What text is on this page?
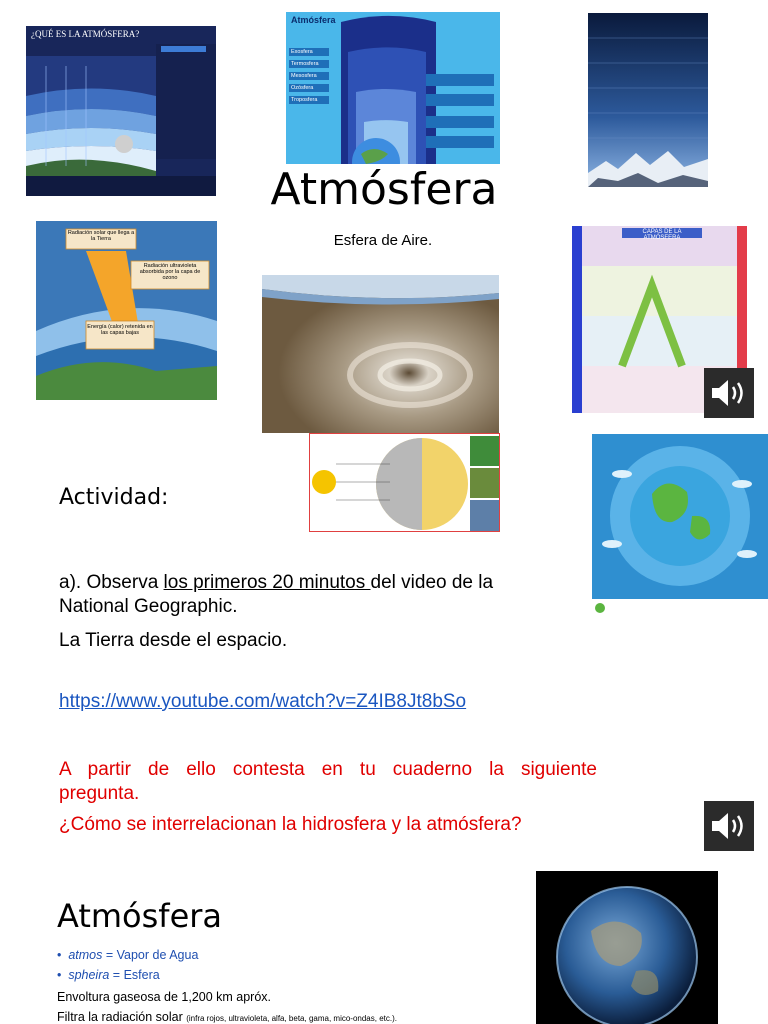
¿QUÉ ES LA ATMÓSFERA?
Atmósfera
Exosfera
Termosfera
Mesosfera
Ozósfera
Troposfera
Atmósfera
Esfera de Aire.
Radiación solar que llega a la Tierra
Radiación ultravioleta absorbida por la capa de ozono
Energía (calor) retenida en las capas bajas
CAPAS DE LA ATMÓSFERA
Actividad:
a). Observa los primeros 20 minutos del video de la National Geographic.
La Tierra desde el espacio.
https://www.youtube.com/watch?v=Z4IB8Jt8bSo
A partir de ello contesta en tu cuaderno la siguiente
pregunta.
¿Cómo se interrelacionan la hidrosfera y la atmósfera?
Atmósfera
•  atmos = Vapor de Agua
•  spheira = Esfera
Envoltura gaseosa de 1,200 km apróx.
Filtra la radiación solar (infra rojos, ultravioleta, alfa, beta, gama, mico-ondas, etc.).
